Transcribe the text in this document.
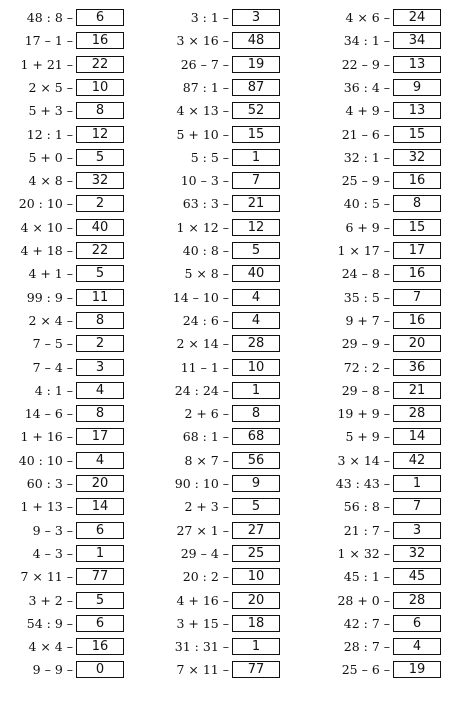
48 : 8 –	6
17 – 1 –	16
1 + 21 –	22
2 × 5 –	10
5 + 3 –	8
12 : 1 –	12
5 + 0 –	5
4 × 8 –	32
20 : 10 –	2
4 × 10 –	40
4 + 18 –	22
4 + 1 –	5
99 : 9 –	11
2 × 4 –	8
7 – 5 –	2
7 – 4 –	3
4 : 1 –	4
14 – 6 –	8
1 + 16 –	17
40 : 10 –	4
60 : 3 –	20
1 + 13 –	14
9 – 3 –	6
4 – 3 –	1
7 × 11 –	77
3 + 2 –	5
54 : 9 –	6
4 × 4 –	16
9 – 9 –	0
3 : 1 –	3
3 × 16 –	48
26 – 7 –	19
87 : 1 –	87
4 × 13 –	52
5 + 10 –	15
5 : 5 –	1
10 – 3 –	7
63 : 3 –	21
1 × 12 –	12
40 : 8 –	5
5 × 8 –	40
14 – 10 –	4
24 : 6 –	4
2 × 14 –	28
11 – 1 –	10
24 : 24 –	1
2 + 6 –	8
68 : 1 –	68
8 × 7 –	56
90 : 10 –	9
2 + 3 –	5
27 × 1 –	27
29 – 4 –	25
20 : 2 –	10
4 + 16 –	20
3 + 15 –	18
31 : 31 –	1
7 × 11 –	77
4 × 6 –	24
34 : 1 –	34
22 – 9 –	13
36 : 4 –	9
4 + 9 –	13
21 – 6 –	15
32 : 1 –	32
25 – 9 –	16
40 : 5 –	8
6 + 9 –	15
1 × 17 –	17
24 – 8 –	16
35 : 5 –	7
9 + 7 –	16
29 – 9 –	20
72 : 2 –	36
29 – 8 –	21
19 + 9 –	28
5 + 9 –	14
3 × 14 –	42
43 : 43 –	1
56 : 8 –	7
21 : 7 –	3
1 × 32 –	32
45 : 1 –	45
28 + 0 –	28
42 : 7 –	6
28 : 7 –	4
25 – 6 –	19
